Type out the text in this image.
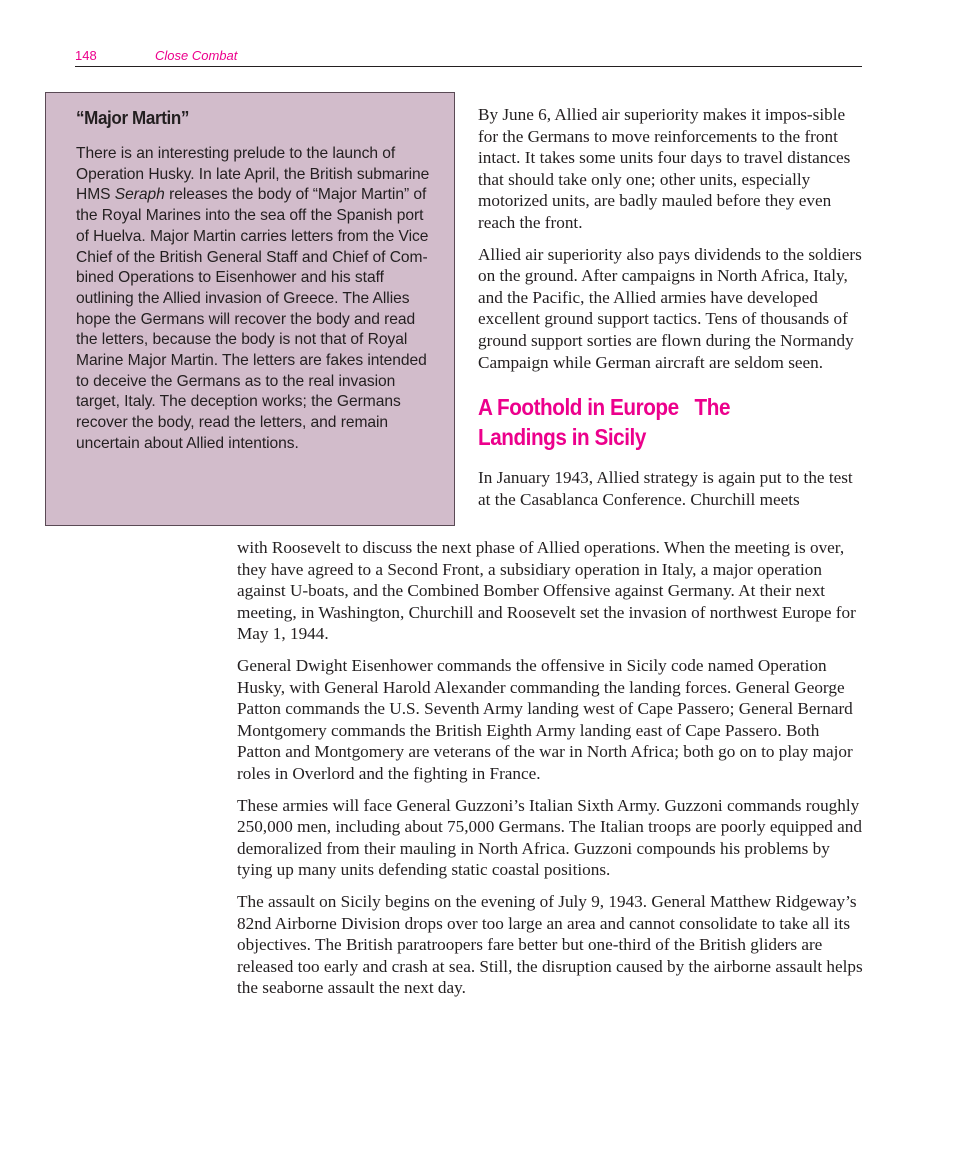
148	Close Combat
“Major Martin”

There is an interesting prelude to the launch of Operation Husky. In late April, the British submarine HMS Seraph releases the body of “Major Martin” of the Royal Marines into the sea off the Spanish port of Huelva. Major Martin carries letters from the Vice Chief of the British General Staff and Chief of Com-bined Operations to Eisenhower and his staff outlining the Allied invasion of Greece. The Allies hope the Germans will recover the body and read the letters, because the body is not that of Royal Marine Major Martin. The letters are fakes intended to deceive the Germans as to the real invasion target, Italy. The deception works; the Germans recover the body, read the letters, and remain uncertain about Allied intentions.

By June 6, Allied air superiority makes it impos-sible for the Germans to move reinforcements to the front intact. It takes some units four days to travel distances that should take only one; other units, especially motorized units, are badly mauled before they even reach the front.

Allied air superiority also pays dividends to the soldiers on the ground. After campaigns in North Africa, Italy, and the Pacific, the Allied armies have developed excellent ground support tactics. Tens of thousands of ground support sorties are flown during the Normandy Campaign while German aircraft are seldom seen.

A Foothold in Europe   The
Landings in Sicily

In January 1943, Allied strategy is again put to the test at the Casablanca Conference. Churchill meets

with Roosevelt to discuss the next phase of Allied operations. When the meeting is over, they have agreed to a Second Front, a subsidiary operation in Italy, a major operation against U-boats, and the Combined Bomber Offensive against Germany. At their next meeting, in Washington, Churchill and Roosevelt set the invasion of northwest Europe for May 1, 1944.

General Dwight Eisenhower commands the offensive in Sicily code named Operation Husky, with General Harold Alexander commanding the landing forces. General George Patton commands the U.S. Seventh Army landing west of Cape Passero; General Bernard Montgomery commands the British Eighth Army landing east of Cape Passero. Both Patton and Montgomery are veterans of the war in North Africa; both go on to play major roles in Overlord and the fighting in France.

These armies will face General Guzzoni’s Italian Sixth Army. Guzzoni commands roughly 250,000 men, including about 75,000 Germans. The Italian troops are poorly equipped and demoralized from their mauling in North Africa. Guzzoni compounds his problems by tying up many units defending static coastal positions.

The assault on Sicily begins on the evening of July 9, 1943. General Matthew Ridgeway’s 82nd Airborne Division drops over too large an area and cannot consolidate to take all its objectives. The British paratroopers fare better but one-third of the British gliders are released too early and crash at sea. Still, the disruption caused by the airborne assault helps the seaborne assault the next day.
